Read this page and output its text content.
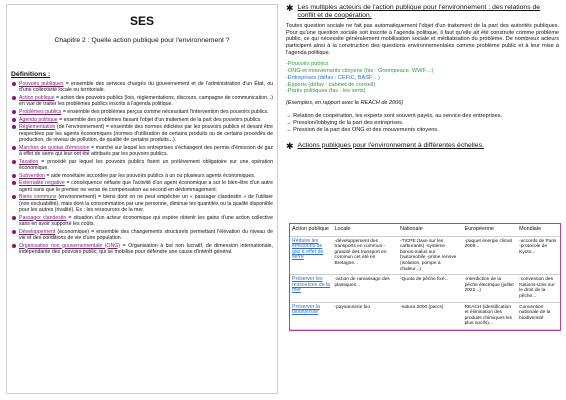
SES
Chapitre 2 : Quelle action publique pour l'environnement ?
Définitions :
Pouvoirs publiques = ensemble des services chargés du gouvernement et de l'administration d'un État, ou d'une collectivité locale ou territoriale.
Action publique = action des pouvoirs publics (lois, réglementations, discours, campagne de communication...) en vue de traiter les problèmes publics inscrits à l'agenda politique.
Problèmes publics = ensemble des problèmes perçus comme nécessitant l'intervention des pouvoirs publics.
Agenda politique = ensemble des problèmes faisant l'objet d'un traitement de la part des pouvoirs publics.
Réglementation (de l'environnement) = ensemble des normes édictées par les pouvoirs publics et devant être respectées par les agents économiques (normes d'utilisation de certains produits ou de certains procédés de production, de niveau de pollution, de qualité de certains produits...).
Marchés de quotas d'émission = marché sur lequel les entreprises s'échangent des permis d'émission de gaz à effet de serre qui leur ont été attribués par les pouvoirs publics.
Taxation = procédé par lequel les pouvoirs publics fixent un prélèvement obligatoire sur une opération économique.
Subvention = aide monétaire accordée par les pouvoirs publics à un ou plusieurs agents économiques.
Externalité négative = conséquence néfaste que l'activité d'un agent économique a sur le bien-être d'un autre agent sans que le premier ne verse de compensation au second en dédommagement.
Biens communs (environnement) = biens dont on ne peut empêcher un « passager clandestin » de l'utiliser (non excluabilité), mais dont la consommation par une personne, diminue les quantités ou la qualité disponible pour les autres (rivalité). Ex : les ressources de la mer.
Passager clandestin = situation d'un acteur économique qui espère obtenir les gains d'une action collective sans en avoir supporté les coûts.
Développement (économique) = ensemble des changements structurels permettant l'élévation du niveau de vie et des conditions de vie d'une population.
Organisation non gouvernementale (ONG) = Organisation à but non lucratif, de dimension internationale, indépendante des pouvoirs public, qui se mobilise pour défendre une cause d'intérêt général.
✱ Les multiples acteurs de l'action publique pour l'environnement : des relations de conflit et de coopération.
Toutes question sociale ne fait pas automatiquement l'objet d'un traitement de la part des autorités publiques. Pour qu'une question sociale soit inscrite à l'agenda politique, il faut qu'elle ait été construite comme problème public, ce qui nécessite généralement mobilisation sociale et médiatisation du problème. De nombreux acteurs participent ainsi à la construction des questions environnementales comme problème public et à leur mise à l'agenda politique.
-Pouvoirs publics
-ONG et mouvements citoyens (fav : Greenpeace, WWF…)
-Entreprises (défav : CEFIC, BASF…)
-Experts (défav : cabinet de conseil)
-Partis politiques (fav : les verts)
(Exemples, en rapport avec le REACH de 2006)
→ Relation de coopération, les experts sont souvent payés, au service des entreprises.
→ Pression/lobbying de la part des entreprises.
→ Pression de la part des ONG et des mouvements citoyens.
✱ Actions publiques pour l'environnement à différentes échelles.
Action publique	Locale	Nationale	Européenne	Mondiale
Réduire les émissions de gaz à effet de serre	-développement des transports en commun -gratuité des transport en commun cet été en Bretagne...	-TICPE (taxe sur les carburants) -système bonus-malus sur l'automobile -prime renove (isolation, pompe à chaleur...)	-paquet énergie climat 2009...	-accords de Paris -protocole de Kyoto...
Préserver les ressources de la mer	-action de ramassage des plastiques...	-Quota de pêche fixé...	-interdiction de la pêche électrique (juillet 2022...)	-convention des Nations-Unis sur le droit de la pêche...
Préserver la biodiversité	-paysannerie bio	-natura 2000 (parcs)	REACH (identification et élimination des produits chimiques les plus nocifs)...	Convention nationale de la biodiversité
